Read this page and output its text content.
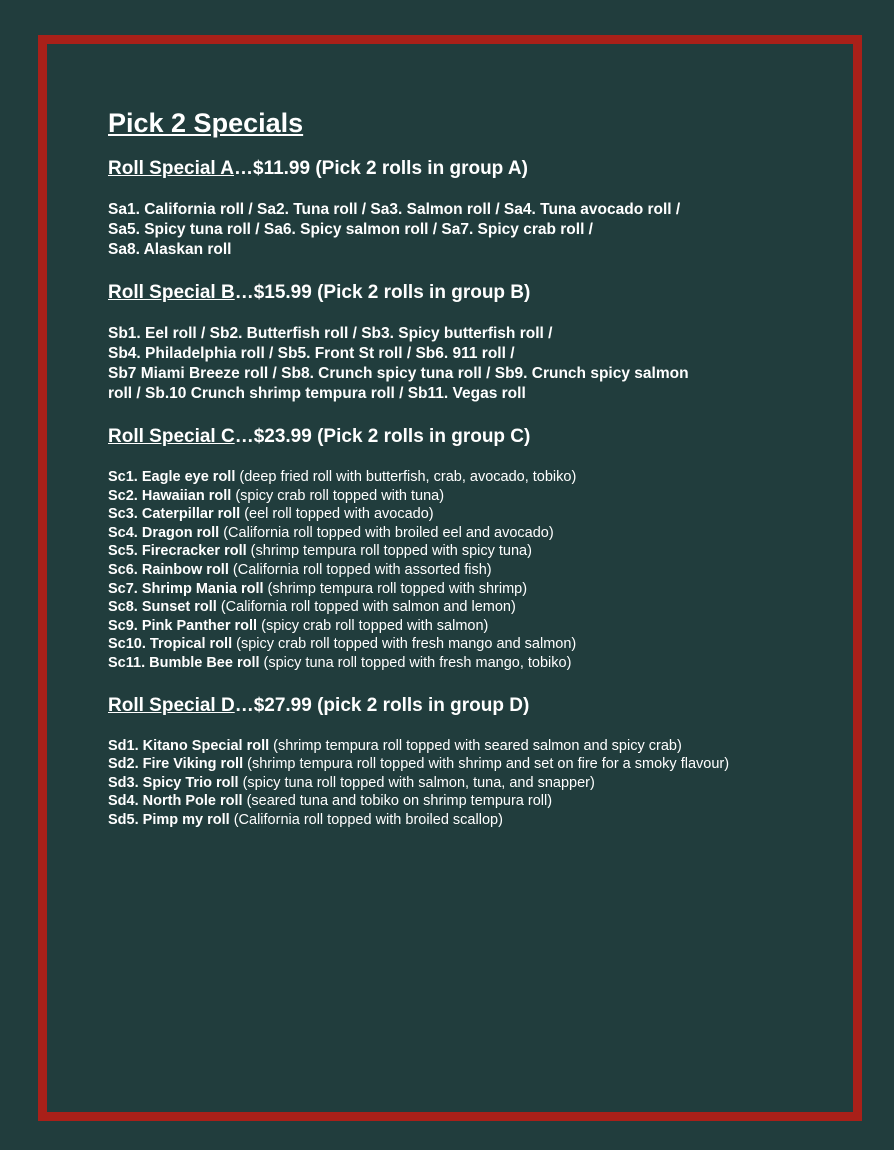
Pick 2 Specials
Roll Special A…$11.99 (Pick 2 rolls in group A)

Sa1. California roll / Sa2. Tuna roll / Sa3. Salmon roll / Sa4. Tuna avocado roll /
Sa5. Spicy tuna roll / Sa6. Spicy salmon roll / Sa7. Spicy crab roll /
Sa8. Alaskan roll

Roll Special B…$15.99 (Pick 2 rolls in group B)

Sb1. Eel roll / Sb2. Butterfish roll / Sb3. Spicy butterfish roll /
Sb4. Philadelphia roll / Sb5. Front St roll / Sb6. 911 roll /
Sb7 Miami Breeze roll / Sb8. Crunch spicy tuna roll / Sb9. Crunch spicy salmon
roll / Sb.10 Crunch shrimp tempura roll / Sb11. Vegas roll

Roll Special C…$23.99 (Pick 2 rolls in group C)
Sc1. Eagle eye roll (deep fried roll with butterfish, crab, avocado, tobiko)
Sc2. Hawaiian roll (spicy crab roll topped with tuna)
Sc3. Caterpillar roll (eel roll topped with avocado)
Sc4. Dragon roll (California roll topped with broiled eel and avocado)
Sc5. Firecracker roll (shrimp tempura roll topped with spicy tuna)
Sc6. Rainbow roll (California roll topped with assorted fish)
Sc7. Shrimp Mania roll (shrimp tempura roll topped with shrimp)
Sc8. Sunset roll (California roll topped with salmon and lemon)
Sc9. Pink Panther roll (spicy crab roll topped with salmon)
Sc10. Tropical roll (spicy crab roll topped with fresh mango and salmon)
Sc11. Bumble Bee roll (spicy tuna roll topped with fresh mango, tobiko)
Roll Special D…$27.99 (pick 2 rolls in group D)
Sd1. Kitano Special roll (shrimp tempura roll topped with seared salmon and spicy crab)
Sd2. Fire Viking roll (shrimp tempura roll topped with shrimp and set on fire for a smoky flavour)
Sd3. Spicy Trio roll (spicy tuna roll topped with salmon, tuna, and snapper)
Sd4. North Pole roll (seared tuna and tobiko on shrimp tempura roll)
Sd5. Pimp my roll (California roll topped with broiled scallop)
